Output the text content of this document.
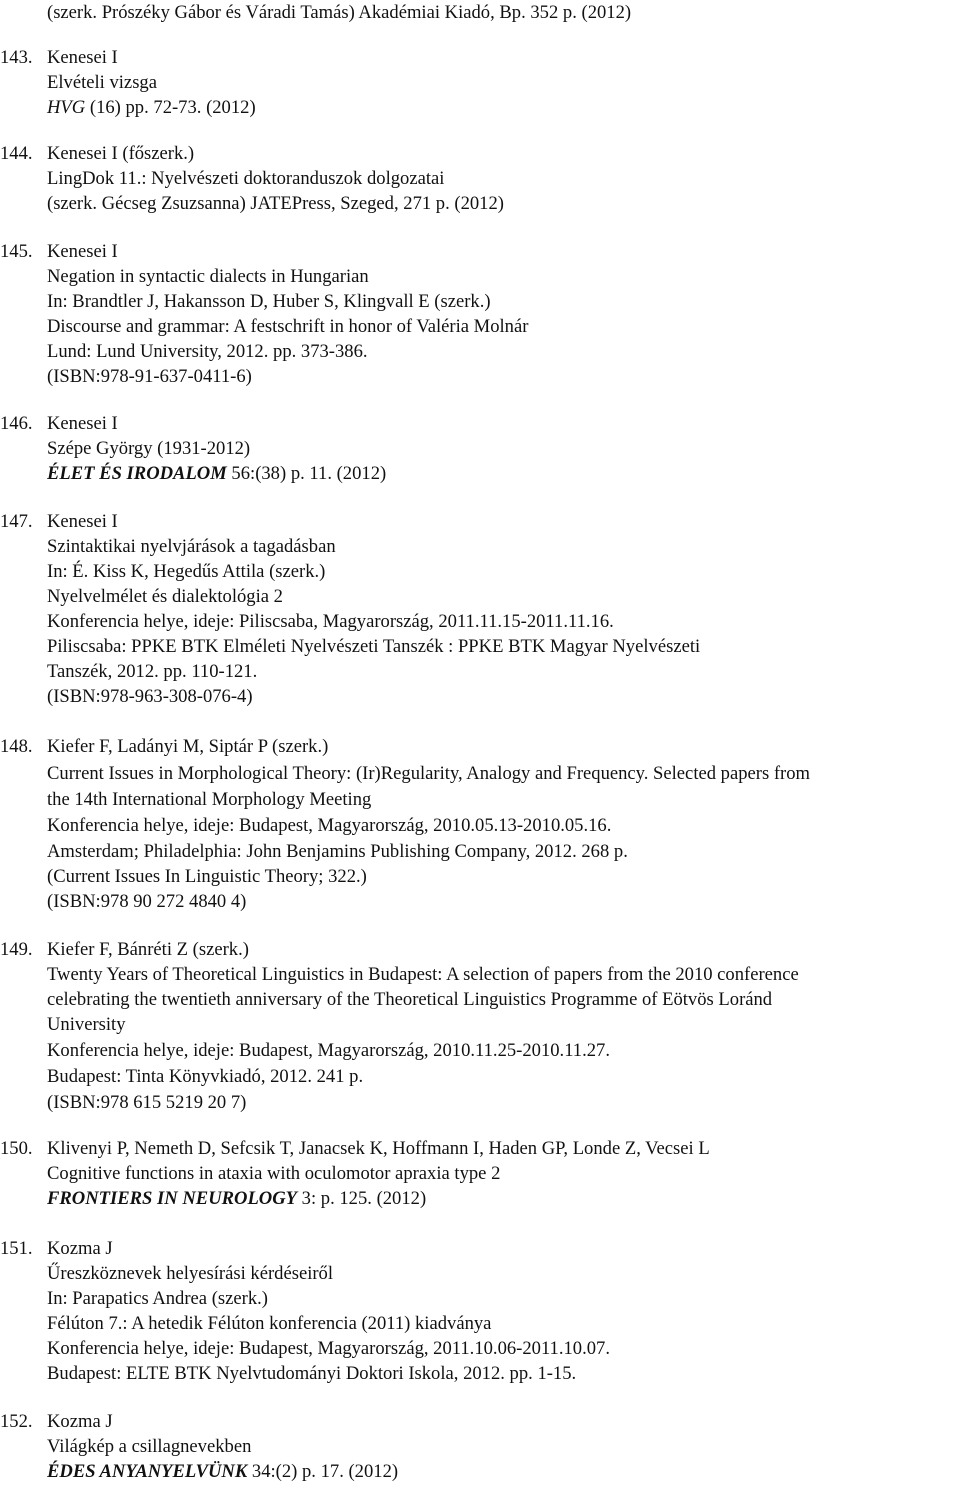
(szerk. Prószéky Gábor és Váradi Tamás) Akadémiai Kiadó, Bp. 352 p. (2012)
143. Kenesei I
Elvételi vizsga
HVG (16) pp. 72-73. (2012)
144. Kenesei I (főszerk.)
LingDok 11.: Nyelvészeti doktoranduszok dolgozatai
(szerk. Gécseg Zsuzsanna) JATEPress, Szeged, 271 p. (2012)
145. Kenesei I
Negation in syntactic dialects in Hungarian
In: Brandtler J, Hakansson D, Huber S, Klingvall E (szerk.)
Discourse and grammar: A festschrift in honor of Valéria Molnár
Lund: Lund University, 2012. pp. 373-386.
(ISBN:978-91-637-0411-6)
146. Kenesei I
Szépe György (1931-2012)
ÉLET ÉS IRODALOM 56:(38) p. 11. (2012)
147. Kenesei I
Szintaktikai nyelvjárások a tagadásban
In: É. Kiss K, Hegedűs Attila (szerk.)
Nyelvelmélet és dialektológia 2
Konferencia helye, ideje: Piliscsaba, Magyarország, 2011.11.15-2011.11.16.
Piliscsaba: PPKE BTK Elméleti Nyelvészeti Tanszék : PPKE BTK Magyar Nyelvészeti
Tanszék, 2012. pp. 110-121.
(ISBN:978-963-308-076-4)
148. Kiefer F, Ladányi M, Siptár P (szerk.)
Current Issues in Morphological Theory: (Ir)Regularity, Analogy and Frequency. Selected papers from
the 14th International Morphology Meeting
Konferencia helye, ideje: Budapest, Magyarország, 2010.05.13-2010.05.16.
Amsterdam; Philadelphia: John Benjamins Publishing Company, 2012. 268 p.
(Current Issues In Linguistic Theory; 322.)
(ISBN:978 90 272 4840 4)
149. Kiefer F, Bánréti Z (szerk.)
Twenty Years of Theoretical Linguistics in Budapest: A selection of papers from the 2010 conference
celebrating the twentieth anniversary of the Theoretical Linguistics Programme of Eötvös Loránd
University
Konferencia helye, ideje: Budapest, Magyarország, 2010.11.25-2010.11.27.
Budapest: Tinta Könyvkiadó, 2012. 241 p.
(ISBN:978 615 5219 20 7)
150. Klivenyi P, Nemeth D, Sefcsik T, Janacsek K, Hoffmann I, Haden GP, Londe Z, Vecsei L
Cognitive functions in ataxia with oculomotor apraxia type 2
FRONTIERS IN NEUROLOGY 3: p. 125. (2012)
151. Kozma J
Űreszköznevek helyesírási kérdéseiről
In: Parapatics Andrea (szerk.)
Félúton 7.: A hetedik Félúton konferencia (2011) kiadványa
Konferencia helye, ideje: Budapest, Magyarország, 2011.10.06-2011.10.07.
Budapest: ELTE BTK Nyelvtudományi Doktori Iskola, 2012. pp. 1-15.
152. Kozma J
Világkép a csillagnevekben
ÉDES ANYANYELVÜNK 34:(2) p. 17. (2012)
